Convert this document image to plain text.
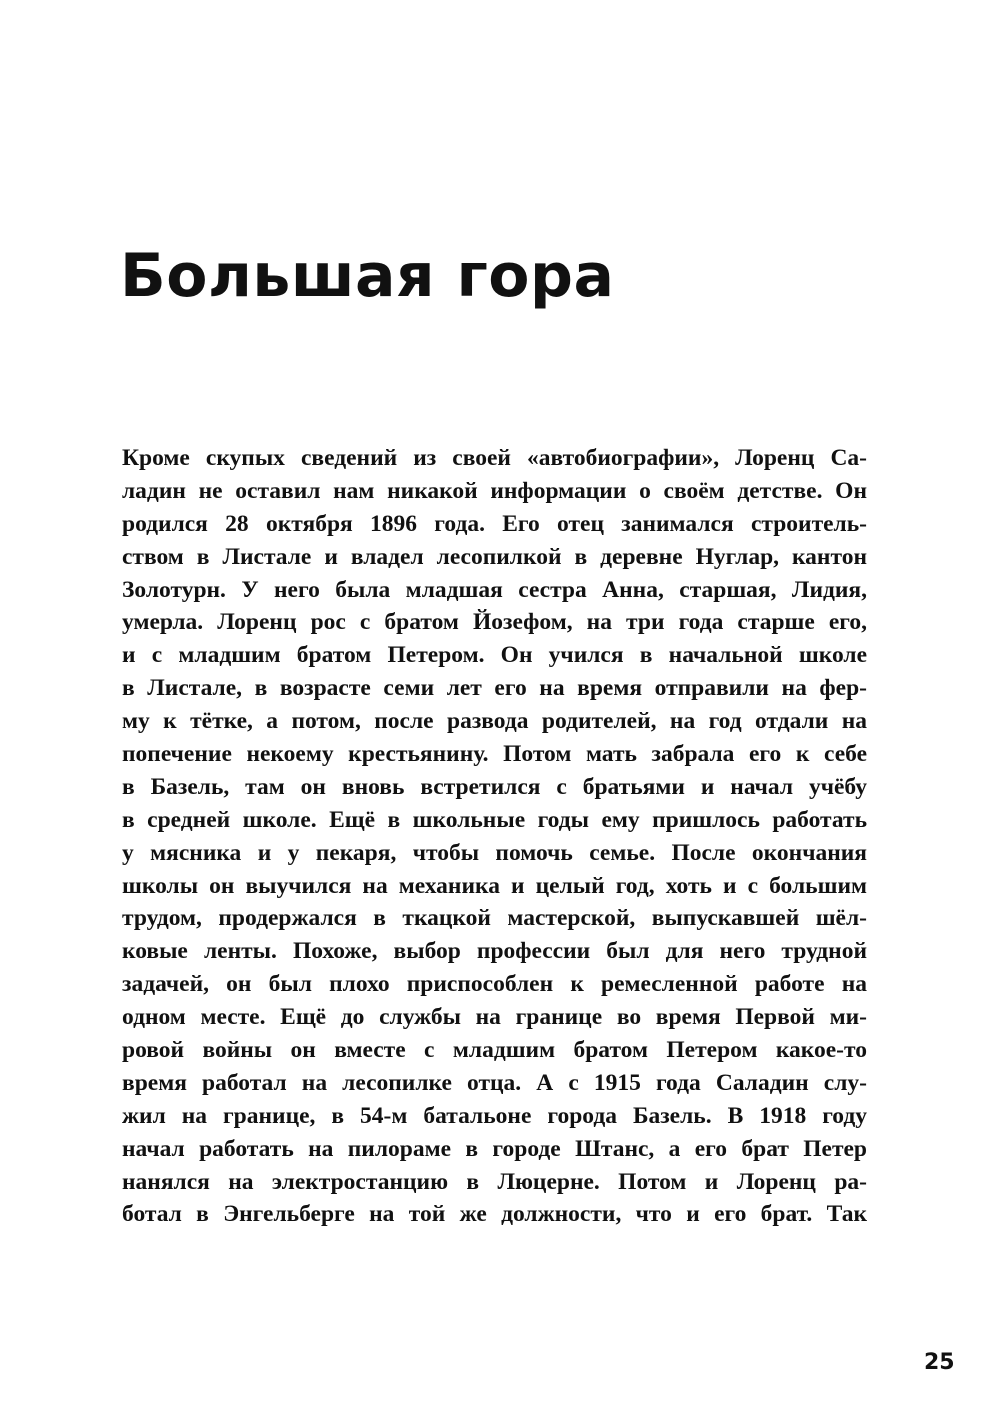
Большая гора
Кроме скупых сведений из своей «автобиографии», Лоренц Са-
ладин не оставил нам никакой информации о своём детстве. Он
родился 28 октября 1896 года. Его отец занимался строитель-
ством в Листале и владел лесопилкой в деревне Нуглар, кантон
Золотурн. У него была младшая сестра Анна, старшая, Лидия,
умерла. Лоренц рос с братом Йозефом, на три года старше его,
и с младшим братом Петером. Он учился в начальной школе
в Листале, в возрасте семи лет его на время отправили на фер-
му к тётке, а потом, после развода родителей, на год отдали на
попечение некоему крестьянину. Потом мать забрала его к себе
в Базель, там он вновь встретился с братьями и начал учёбу
в средней школе. Ещё в школьные годы ему пришлось работать
у мясника и у пекаря, чтобы помочь семье. После окончания
школы он выучился на механика и целый год, хоть и с большим
трудом, продержался в ткацкой мастерской, выпускавшей шёл-
ковые ленты. Похоже, выбор профессии был для него трудной
задачей, он был плохо приспособлен к ремесленной работе на
одном месте. Ещё до службы на границе во время Первой ми-
ровой войны он вместе с младшим братом Петером какое-то
время работал на лесопилке отца. А с 1915 года Саладин слу-
жил на границе, в 54-м батальоне города Базель. В 1918 году
начал работать на пилораме в городе Штанс, а его брат Петер
нанялся на электростанцию в Люцерне. Потом и Лоренц ра-
ботал в Энгельберге на той же должности, что и его брат. Так
25
